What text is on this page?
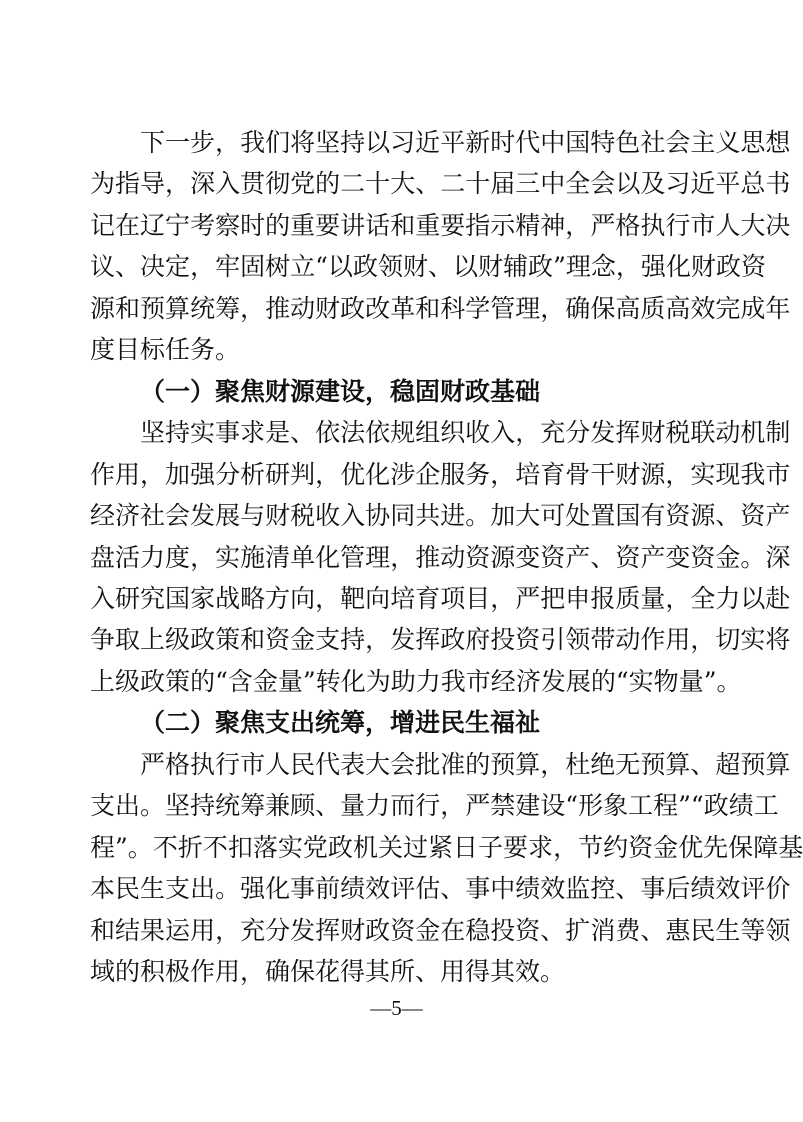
下 一 步 ， 我 们 将 坚 持 以 习 近 平 新 时 代 中 国 特 色 社 会 主 义 思 想
为 指 导 ， 深 入 贯 彻 党 的 二 十 大 、 二 十 届 三 中 全 会 以 及 习 近 平 总 书
记 在 辽 宁 考 察 时 的 重 要 讲 话 和 重 要 指 示 精 神 ， 严 格 执 行 市 人 大 决
议 、 决 定 ， 牢 固 树 立 “ 以 政 领 财 、 以 财 辅 政 ” 理 念 ， 强 化 财 政 资
源 和 预 算 统 筹 ， 推 动 财 政 改 革 和 科 学 管 理 ， 确 保 高 质 高 效 完 成 年
度目标任务。
（一）聚焦财源建设，稳固财政基础
坚 持 实 事 求 是 、 依 法 依 规 组 织 收 入 ， 充 分 发 挥 财 税 联 动 机 制
作 用 ， 加 强 分 析 研 判 ， 优 化 涉 企 服 务 ， 培 育 骨 干 财 源 ， 实 现 我 市
经 济 社 会 发 展 与 财 税 收 入 协 同 共 进 。 加 大 可 处 置 国 有 资 源 、 资 产
盘 活 力 度 ， 实 施 清 单 化 管 理 ， 推 动 资 源 变 资 产 、 资 产 变 资 金 。 深
入 研 究 国 家 战 略 方 向 ， 靶 向 培 育 项 目 ， 严 把 申 报 质 量 ， 全 力 以 赴
争 取 上 级 政 策 和 资 金 支 持 ， 发 挥 政 府 投 资 引 领 带 动 作 用 ， 切 实 将
上 级 政 策 的 “ 含 金 量 ” 转 化 为 助 力 我 市 经 济 发 展 的 “ 实 物 量 ” 。
（二）聚焦支出统筹，增进民生福祉
严 格 执 行 市 人 民 代 表 大 会 批 准 的 预 算 ， 杜 绝 无 预 算 、 超 预 算
支 出 。 坚 持 统 筹 兼 顾 、 量 力 而 行 ， 严 禁 建 设 “ 形 象 工 程 ” “ 政 绩 工
程 ” 。 不 折 不 扣 落 实 党 政 机 关 过 紧 日 子 要 求 ， 节 约 资 金 优 先 保 障 基
本 民 生 支 出 。 强 化 事 前 绩 效 评 估 、 事 中 绩 效 监 控 、 事 后 绩 效 评 价
和 结 果 运 用 ， 充 分 发 挥 财 政 资 金 在 稳 投 资 、 扩 消 费 、 惠 民 生 等 领
域的积极作用，确保花得其所、用得其效。
—5—
